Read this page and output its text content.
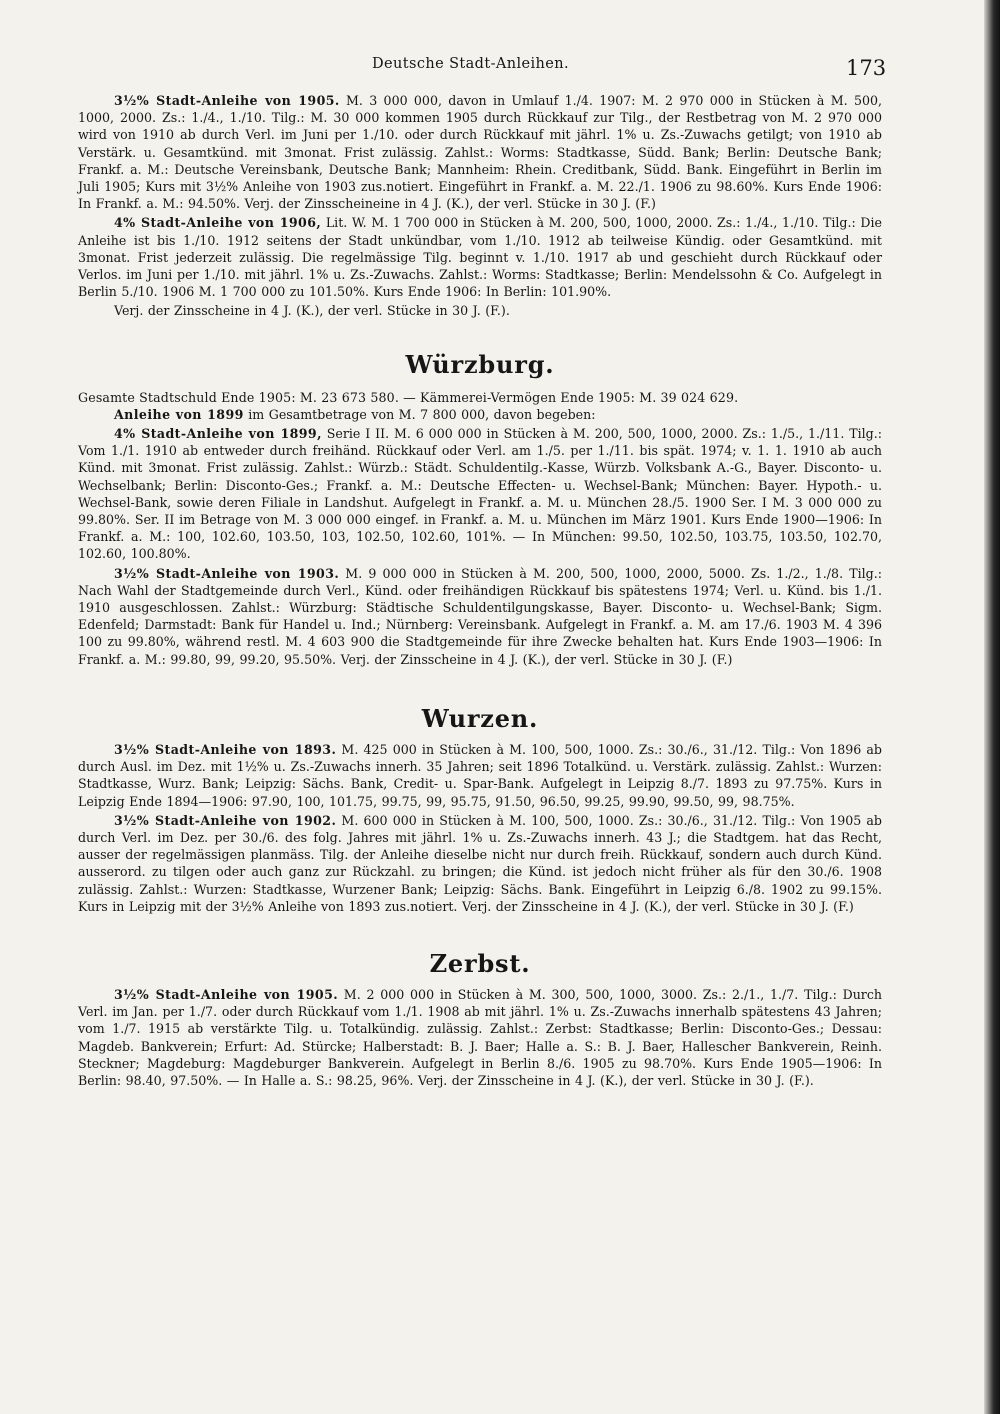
Deutsche Stadt-Anleihen.	173

3½% Stadt-Anleihe von 1905. M. 3 000 000, davon in Umlauf 1./4. 1907: M. 2 970 000 in Stücken à M. 500, 1000, 2000. Zs.: 1./4., 1./10. Tilg.: M. 30 000 kommen 1905 durch Rückkauf zur Tilg., der Restbetrag von M. 2 970 000 wird von 1910 ab durch Verl. im Juni per 1./10. oder durch Rückkauf mit jährl. 1% u. Zs.-Zuwachs getilgt; von 1910 ab Verstärk. u. Gesamtkünd. mit 3monat. Frist zulässig. Zahlst.: Worms: Stadtkasse, Südd. Bank; Berlin: Deutsche Bank; Frankf. a. M.: Deutsche Vereinsbank, Deutsche Bank; Mannheim: Rhein. Creditbank, Südd. Bank. Eingeführt in Berlin im Juli 1905; Kurs mit 3½% Anleihe von 1903 zus.notiert. Eingeführt in Frankf. a. M. 22./1. 1906 zu 98.60%. Kurs Ende 1906: In Frankf. a. M.: 94.50%. Verj. der Zinsscheineine in 4 J. (K.), der verl. Stücke in 30 J. (F.)

4% Stadt-Anleihe von 1906, Lit. W. M. 1 700 000 in Stücken à M. 200, 500, 1000, 2000. Zs.: 1./4., 1./10. Tilg.: Die Anleihe ist bis 1./10. 1912 seitens der Stadt unkündbar, vom 1./10. 1912 ab teilweise Kündig. oder Gesamtkünd. mit 3monat. Frist jederzeit zulässig. Die regelmässige Tilg. beginnt v. 1./10. 1917 ab und geschieht durch Rückkauf oder Verlos. im Juni per 1./10. mit jährl. 1% u. Zs.-Zuwachs. Zahlst.: Worms: Stadtkasse; Berlin: Mendelssohn & Co. Aufgelegt in Berlin 5./10. 1906 M. 1 700 000 zu 101.50%. Kurs Ende 1906: In Berlin: 101.90%.

Verj. der Zinsscheine in 4 J. (K.), der verl. Stücke in 30 J. (F.).

Würzburg.

Gesamte Stadtschuld Ende 1905: M. 23 673 580. — Kämmerei-Vermögen Ende 1905: M. 39 024 629.

Anleihe von 1899 im Gesamtbetrage von M. 7 800 000, davon begeben:

4% Stadt-Anleihe von 1899, Serie I II. M. 6 000 000 in Stücken à M. 200, 500, 1000, 2000. Zs.: 1./5., 1./11. Tilg.: Vom 1./1. 1910 ab entweder durch freihänd. Rückkauf oder Verl. am 1./5. per 1./11. bis spät. 1974; v. 1. 1. 1910 ab auch Künd. mit 3monat. Frist zulässig. Zahlst.: Würzb.: Städt. Schuldentilg.-Kasse, Würzb. Volksbank A.-G., Bayer. Disconto- u. Wechselbank; Berlin: Disconto-Ges.; Frankf. a. M.: Deutsche Effecten- u. Wechsel-Bank; München: Bayer. Hypoth.- u. Wechsel-Bank, sowie deren Filiale in Landshut. Aufgelegt in Frankf. a. M. u. München 28./5. 1900 Ser. I M. 3 000 000 zu 99.80%. Ser. II im Betrage von M. 3 000 000 eingef. in Frankf. a. M. u. München im März 1901. Kurs Ende 1900—1906: In Frankf. a. M.: 100, 102.60, 103.50, 103, 102.50, 102.60, 101%. — In München: 99.50, 102.50, 103.75, 103.50, 102.70, 102.60, 100.80%.

3½% Stadt-Anleihe von 1903. M. 9 000 000 in Stücken à M. 200, 500, 1000, 2000, 5000. Zs. 1./2., 1./8. Tilg.: Nach Wahl der Stadtgemeinde durch Verl., Künd. oder freihändigen Rückkauf bis spätestens 1974; Verl. u. Künd. bis 1./1. 1910 ausgeschlossen. Zahlst.: Würzburg: Städtische Schuldentilgungskasse, Bayer. Disconto- u. Wechsel-Bank; Sigm. Edenfeld; Darmstadt: Bank für Handel u. Ind.; Nürnberg: Vereinsbank. Aufgelegt in Frankf. a. M. am 17./6. 1903 M. 4 396 100 zu 99.80%, während restl. M. 4 603 900 die Stadtgemeinde für ihre Zwecke behalten hat. Kurs Ende 1903—1906: In Frankf. a. M.: 99.80, 99, 99.20, 95.50%. Verj. der Zinsscheine in 4 J. (K.), der verl. Stücke in 30 J. (F.)

Wurzen.

3½% Stadt-Anleihe von 1893. M. 425 000 in Stücken à M. 100, 500, 1000. Zs.: 30./6., 31./12. Tilg.: Von 1896 ab durch Ausl. im Dez. mit 1½% u. Zs.-Zuwachs innerh. 35 Jahren; seit 1896 Totalkünd. u. Verstärk. zulässig. Zahlst.: Wurzen: Stadtkasse, Wurz. Bank; Leipzig: Sächs. Bank, Credit- u. Spar-Bank. Aufgelegt in Leipzig 8./7. 1893 zu 97.75%. Kurs in Leipzig Ende 1894—1906: 97.90, 100, 101.75, 99.75, 99, 95.75, 91.50, 96.50, 99.25, 99.90, 99.50, 99, 98.75%.

3½% Stadt-Anleihe von 1902. M. 600 000 in Stücken à M. 100, 500, 1000. Zs.: 30./6., 31./12. Tilg.: Von 1905 ab durch Verl. im Dez. per 30./6. des folg. Jahres mit jährl. 1% u. Zs.-Zuwachs innerh. 43 J.; die Stadtgem. hat das Recht, ausser der regelmässigen planmäss. Tilg. der Anleihe dieselbe nicht nur durch freih. Rückkauf, sondern auch durch Künd. ausserord. zu tilgen oder auch ganz zur Rückzahl. zu bringen; die Künd. ist jedoch nicht früher als für den 30./6. 1908 zulässig. Zahlst.: Wurzen: Stadtkasse, Wurzener Bank; Leipzig: Sächs. Bank. Eingeführt in Leipzig 6./8. 1902 zu 99.15%. Kurs in Leipzig mit der 3½% Anleihe von 1893 zus.notiert. Verj. der Zinsscheine in 4 J. (K.), der verl. Stücke in 30 J. (F.)

Zerbst.

3½% Stadt-Anleihe von 1905. M. 2 000 000 in Stücken à M. 300, 500, 1000, 3000. Zs.: 2./1., 1./7. Tilg.: Durch Verl. im Jan. per 1./7. oder durch Rückkauf vom 1./1. 1908 ab mit jährl. 1% u. Zs.-Zuwachs innerhalb spätestens 43 Jahren; vom 1./7. 1915 ab verstärkte Tilg. u. Totalkündig. zulässig. Zahlst.: Zerbst: Stadtkasse; Berlin: Disconto-Ges.; Dessau: Magdeb. Bankverein; Erfurt: Ad. Stürcke; Halberstadt: B. J. Baer; Halle a. S.: B. J. Baer, Hallescher Bankverein, Reinh. Steckner; Magdeburg: Magdeburger Bankverein. Aufgelegt in Berlin 8./6. 1905 zu 98.70%. Kurs Ende 1905—1906: In Berlin: 98.40, 97.50%. — In Halle a. S.: 98.25, 96%. Verj. der Zinsscheine in 4 J. (K.), der verl. Stücke in 30 J. (F.).
